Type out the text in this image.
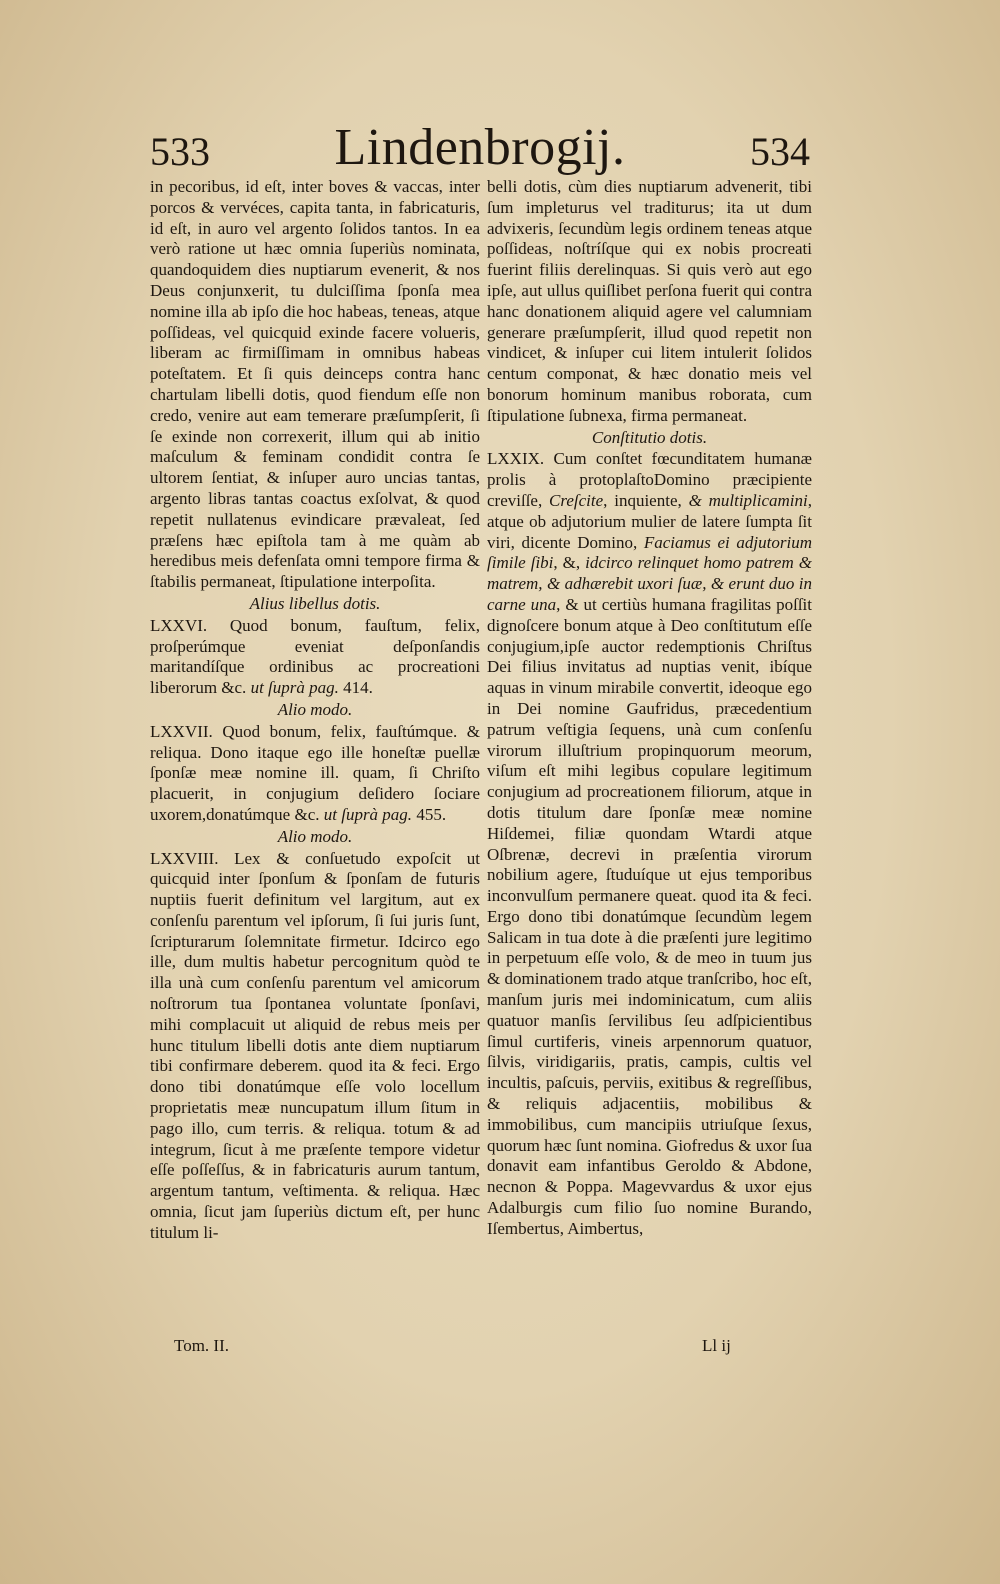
533	Lindenbrogij.	534

in pecoribus, id eſt, inter boves & vaccas, inter porcos & vervéces, capita tanta, in fabricaturis, id eſt, in auro vel argento ſolidos tantos. In ea verò ratione ut hæc omnia ſuperiùs nominata, quandoquidem dies nuptiarum evenerit, & nos Deus conjunxerit, tu dulciſſima ſponſa mea nomine illa ab ipſo die hoc habeas, teneas, atque poſſideas, vel quicquid exinde facere volueris, liberam ac firmiſſimam in omnibus habeas poteſtatem. Et ſi quis deinceps contra hanc chartulam libelli dotis, quod fiendum eſſe non credo, venire aut eam temerare præſumpſerit, ſi ſe exinde non correxerit, illum qui ab initio maſculum & feminam condidit contra ſe ultorem ſentiat, & inſuper auro uncias tantas, argento libras tantas coactus exſolvat, & quod repetit nullatenus evindicare prævaleat, ſed præſens hæc epiſtola tam à me quàm ab heredibus meis defenſata omni tempore firma & ſtabilis permaneat, ſtipulatione interpoſita.

Alius libellus dotis.

LXXVI. Quod bonum, fauſtum, felix, proſperúmque eveniat deſponſandis maritandíſque ordinibus ac procreationi liberorum &c. ut ſuprà pag. 414.

Alio modo.

LXXVII. Quod bonum, felix, fauſtúmque. & reliqua. Dono itaque ego ille honeſtæ puellæ ſponſæ meæ nomine ill. quam, ſi Chriſto placuerit, in conjugium deſidero ſociare uxorem,donatúmque &c. ut ſuprà pag. 455.

Alio modo.

LXXVIII. Lex & conſuetudo expoſcit ut quicquid inter ſponſum & ſponſam de futuris nuptiis fuerit definitum vel largitum, aut ex conſenſu parentum vel ipſorum, ſi ſui juris ſunt, ſcripturarum ſolemnitate firmetur. Idcirco ego ille, dum multis habetur percognitum quòd te illa unà cum conſenſu parentum vel amicorum noſtrorum tua ſpontanea voluntate ſponſavi, mihi complacuit ut aliquid de rebus meis per hunc titulum libelli dotis ante diem nuptiarum tibi confirmare deberem. quod ita & feci. Ergo dono tibi donatúmque eſſe volo locellum proprietatis meæ nuncupatum illum ſitum in pago illo, cum terris. & reliqua. totum & ad integrum, ſicut à me præſente tempore videtur eſſe poſſeſſus, & in fabricaturis aurum tantum, argentum tantum, veſtimenta. & reliqua. Hæc omnia, ſicut jam ſuperiùs dictum eſt, per hunc titulum li-

belli dotis, cùm dies nuptiarum advenerit, tibi ſum impleturus vel traditurus; ita ut dum advixeris, ſecundùm legis ordinem teneas atque poſſideas, noſtríſque qui ex nobis procreati fuerint filiis derelinquas. Si quis verò aut ego ipſe, aut ullus quiſlibet perſona fuerit qui contra hanc donationem aliquid agere vel calumniam generare præſumpſerit, illud quod repetit non vindicet, & inſuper cui litem intulerit ſolidos centum componat, & hæc donatio meis vel bonorum hominum manibus roborata, cum ſtipulatione ſubnexa, firma permaneat.

Conſtitutio dotis.

LXXIX. Cum conſtet fœcunditatem humanæ prolis à protoplaſtoDomino præcipiente creviſſe, Creſcite, inquiente, & multiplicamini, atque ob adjutorium mulier de latere ſumpta ſit viri, dicente Domino, Faciamus ei adjutorium ſimile ſibi, &, idcirco relinquet homo patrem & matrem, & adhærebit uxori ſuæ, & erunt duo in carne una, & ut certiùs humana fragilitas poſſit dignoſcere bonum atque à Deo conſtitutum eſſe conjugium,ipſe auctor redemptionis Chriſtus Dei filius invitatus ad nuptias venit, ibíque aquas in vinum mirabile convertit, ideoque ego in Dei nomine Gaufridus, præcedentium patrum veſtigia ſequens, unà cum conſenſu virorum illuſtrium propinquorum meorum, viſum eſt mihi legibus copulare legitimum conjugium ad procreationem filiorum, atque in dotis titulum dare ſponſæ meæ nomine Hiſdemei, filiæ quondam Wtardi atque Oſbrenæ, decrevi in præſentia virorum nobilium agere, ſtuduíque ut ejus temporibus inconvulſum permanere queat. quod ita & feci. Ergo dono tibi donatúmque ſecundùm legem Salicam in tua dote à die præſenti jure legitimo in perpetuum eſſe volo, & de meo in tuum jus & dominationem trado atque tranſcribo, hoc eſt, manſum juris mei indominicatum, cum aliis quatuor manſis ſervilibus ſeu adſpicientibus ſimul curtiferis, vineis arpennorum quatuor, ſilvis, viridigariis, pratis, campis, cultis vel incultis, paſcuis, perviis, exitibus & regreſſibus, & reliquis adjacentiis, mobilibus & immobilibus, cum mancipiis utriuſque ſexus, quorum hæc ſunt nomina. Giofredus & uxor ſua donavit eam infantibus Geroldo & Abdone, necnon & Poppa. Magevvardus & uxor ejus Adalburgis cum filio ſuo nomine Burando, Iſembertus, Aimbertus,

Tom. II.	Ll ij
